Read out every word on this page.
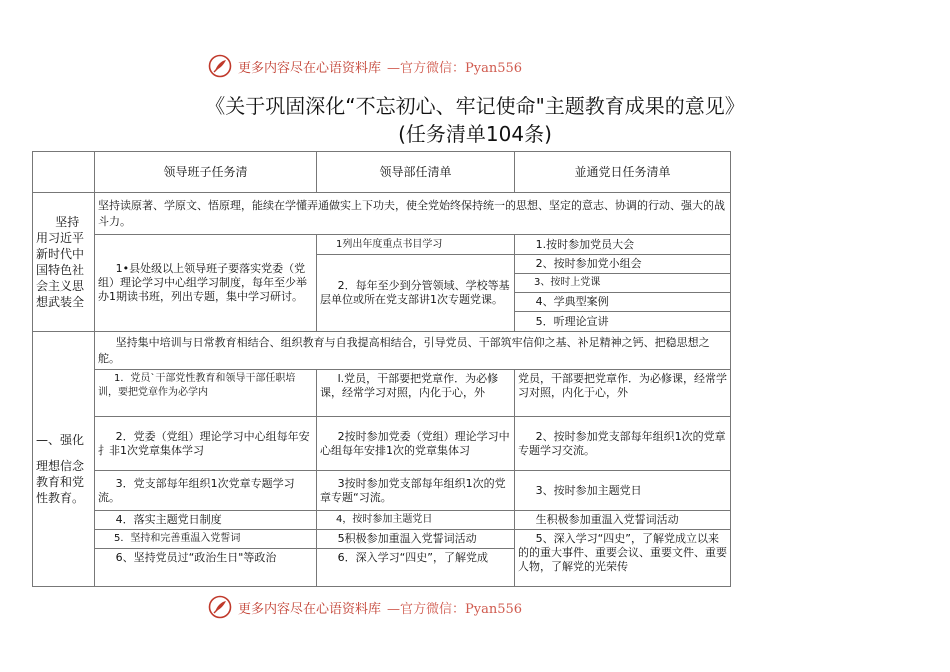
更多内容尽在心语资料库 —官方微信：Pyan556
《关于巩固深化“不忘初心、牢记使命"主题教育成果的意见》
(任务清单104条)
	领导班子任务清	领导部任清单	並通党日任务清单
坚持用习近平新时代中国特色社会主义思想武装全	坚持读原著、学原文、悟原理，能续在学懂弄通做实上下功夫，使全党始终保持统一的思想、坚定的意志、协调的行动、强大的战斗力。		
	1•县处级以上领导班子要落实党委（党组）理论学习中心组学习制度，每年至少举办1期读书班，列出专题，集中学习研讨。	1列出年度重点书目学习	1.按时参加党员大会
		2．每年至少到分管领域、学校等基层单位或所在党支部讲1次专题党课。	2、按时参加党小组会
			3、按时上党课
			4、学典型案例
			5．听理论宣讲

—、强化
理想信念教育和党性教育。	坚持集中培训与日常教育相结合、组织教育与自我提高相结合，引导党员、干部筑牢信仰之基、补足精神之钙、把稳思想之舵。		
	1．党员`干部党性教育和领导干部任职培训，要把党章作为必学内	l.党员，干部要把党章作．为必修课，经常学习对照，内化于心，外	党员，干部要把党章作．为必修课，经常学习对照，内化于心，外
	2．党委（党组）理论学习中心组每年安扌非1次党章集体学习	2按时参加党委（党组）理论学习中心组每年安排1次的党章集体习	2、按时参加党支部每年组织1次的党章专题学习交流。
	3．党支部每年组织1次党章专题学习流。	3按时参加党支部每年组织1次的党章专题“习流。	3、按时参加主题党日
	4．落实主题党日制度	4，按时参加主题党日	生积极参加重温入党誓词活动
	5．坚持和完善重温入党誓词	5积极参加重温入党誓词活动	5、深入学习“四史”，了解党成立以来的的重大事件、重要会议、重要文件、重要人物，了解党的光荣传
	6、坚持党员过“政治生日"等政治	6．深入学习“四史”，了解党成	
更多内容尽在心语资料库 —官方微信：Pyan556
